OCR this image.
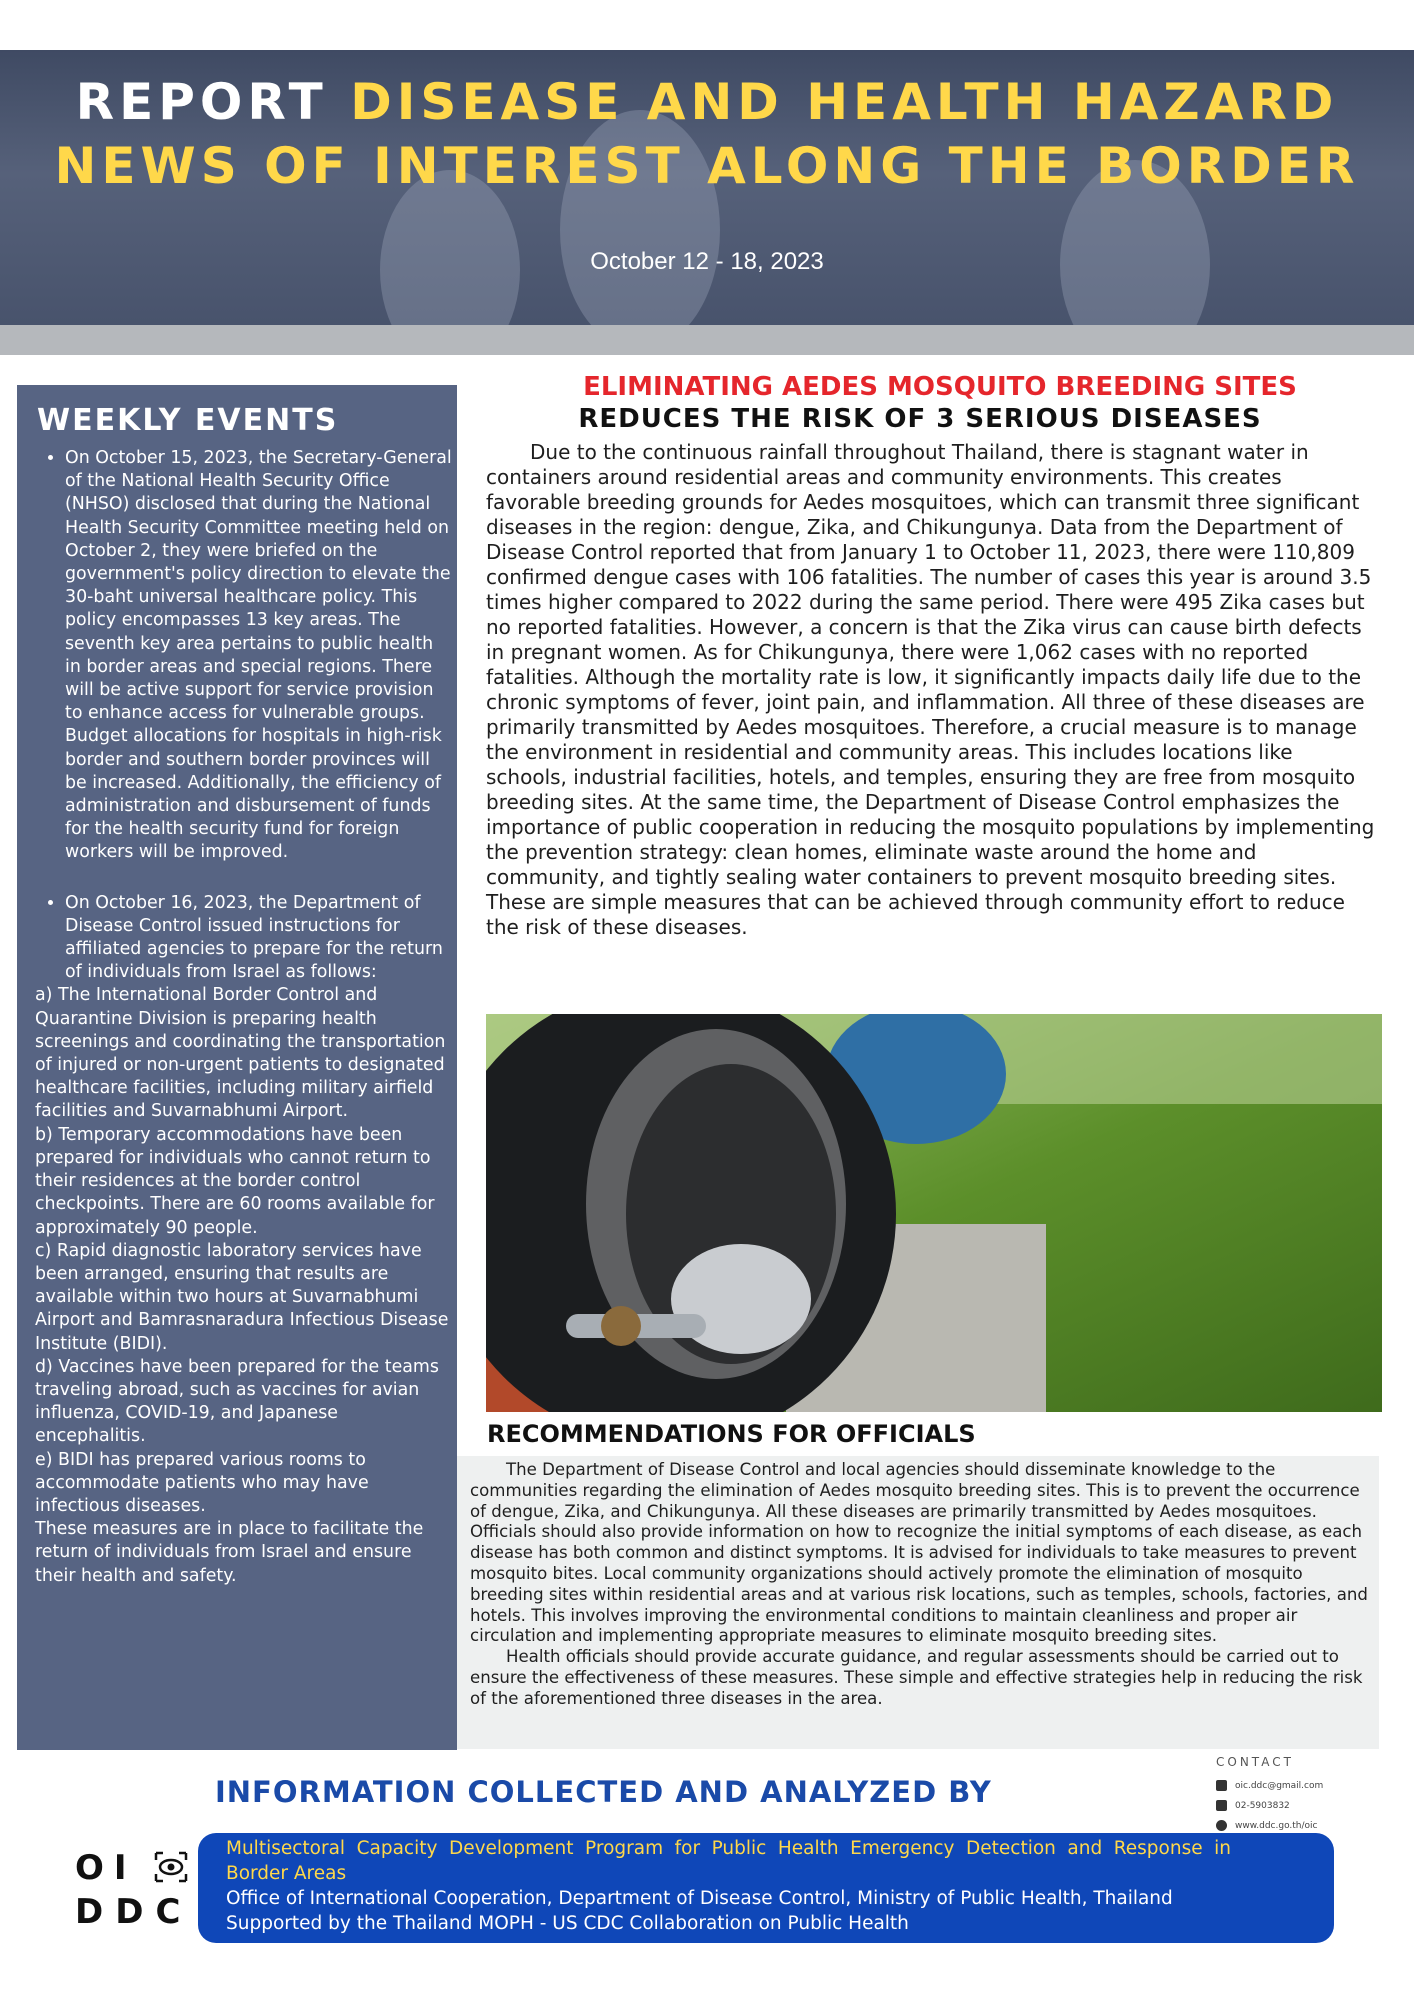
REPORT DISEASE AND HEALTH HAZARD
NEWS OF INTEREST ALONG THE BORDER
October 12 - 18, 2023
WEEKLY EVENTS
• On October 15, 2023, the Secretary-General of the National Health Security Office (NHSO) disclosed that during the National Health Security Committee meeting held on October 2, they were briefed on the government's policy direction to elevate the 30-baht universal healthcare policy. This policy encompasses 13 key areas. The seventh key area pertains to public health in border areas and special regions. There will be active support for service provision to enhance access for vulnerable groups. Budget allocations for hospitals in high-risk border and southern border provinces will be increased. Additionally, the efficiency of administration and disbursement of funds for the health security fund for foreign workers will be improved.
• On October 16, 2023, the Department of Disease Control issued instructions for affiliated agencies to prepare for the return of individuals from Israel as follows:

a) The International Border Control and Quarantine Division is preparing health screenings and coordinating the transportation of injured or non-urgent patients to designated healthcare facilities, including military airfield facilities and Suvarnabhumi Airport.

b) Temporary accommodations have been prepared for individuals who cannot return to their residences at the border control checkpoints. There are 60 rooms available for approximately 90 people.

c) Rapid diagnostic laboratory services have been arranged, ensuring that results are available within two hours at Suvarnabhumi Airport and Bamrasnaradura Infectious Disease Institute (BIDI).

d) Vaccines have been prepared for the teams traveling abroad, such as vaccines for avian influenza, COVID-19, and Japanese encephalitis.

e) BIDI has prepared various rooms to accommodate patients who may have infectious diseases.

These measures are in place to facilitate the return of individuals from Israel and ensure their health and safety.

ELIMINATING AEDES MOSQUITO BREEDING SITES
REDUCES THE RISK OF 3 SERIOUS DISEASES

Due to the continuous rainfall throughout Thailand, there is stagnant water in containers around residential areas and community environments. This creates favorable breeding grounds for Aedes mosquitoes, which can transmit three significant diseases in the region: dengue, Zika, and Chikungunya. Data from the Department of Disease Control reported that from January 1 to October 11, 2023, there were 110,809 confirmed dengue cases with 106 fatalities. The number of cases this year is around 3.5 times higher compared to 2022 during the same period. There were 495 Zika cases but no reported fatalities. However, a concern is that the Zika virus can cause birth defects in pregnant women. As for Chikungunya, there were 1,062 cases with no reported fatalities. Although the mortality rate is low, it significantly impacts daily life due to the chronic symptoms of fever, joint pain, and inflammation. All three of these diseases are primarily transmitted by Aedes mosquitoes. Therefore, a crucial measure is to manage the environment in residential and community areas. This includes locations like schools, industrial facilities, hotels, and temples, ensuring they are free from mosquito breeding sites. At the same time, the Department of Disease Control emphasizes the importance of public cooperation in reducing the mosquito populations by implementing the prevention strategy: clean homes, eliminate waste around the home and community, and tightly sealing water containers to prevent mosquito breeding sites. These are simple measures that can be achieved through community effort to reduce the risk of these diseases.

RECOMMENDATIONS FOR OFFICIALS

The Department of Disease Control and local agencies should disseminate knowledge to the communities regarding the elimination of Aedes mosquito breeding sites. This is to prevent the occurrence of dengue, Zika, and Chikungunya. All these diseases are primarily transmitted by Aedes mosquitoes. Officials should also provide information on how to recognize the initial symptoms of each disease, as each disease has both common and distinct symptoms. It is advised for individuals to take measures to prevent mosquito bites. Local community organizations should actively promote the elimination of mosquito breeding sites within residential areas and at various risk locations, such as temples, schools, factories, and hotels. This involves improving the environmental conditions to maintain cleanliness and proper air circulation and implementing appropriate measures to eliminate mosquito breeding sites.

Health officials should provide accurate guidance, and regular assessments should be carried out to ensure the effectiveness of these measures. These simple and effective strategies help in reducing the risk of the aforementioned three diseases in the area.

CONTACT
oic.ddc@gmail.com
02-5903832
www.ddc.go.th/oic
INFORMATION COLLECTED AND ANALYZED BY
OI
DDC
Multisectoral Capacity Development Program for Public Health Emergency Detection and Response in
Border Areas
Office of International Cooperation, Department of Disease Control, Ministry of Public Health, Thailand
Supported by the Thailand MOPH - US CDC Collaboration on Public Health
